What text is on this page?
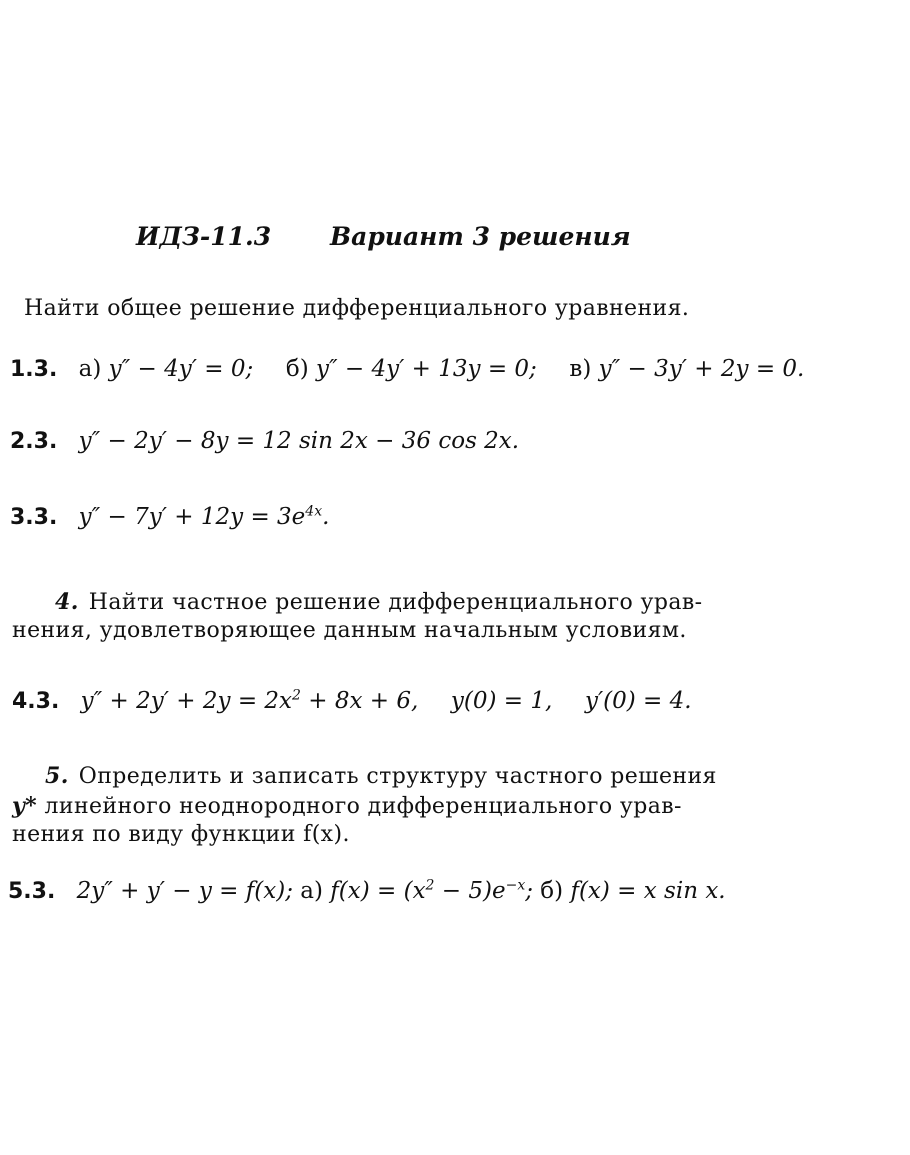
ИДЗ-11.3 Вариант 3 решения
Найти общее решение дифференциального уравнения.
1.3. а) y″ − 4y′ = 0; б) y″ − 4y′ + 13y = 0; в) y″ − 3y′ + 2y = 0.
2.3. y″ − 2y′ − 8y = 12 sin 2x − 36 cos 2x.
3.3. $y'' - 7y' + 12y = 3e^{4x}$.
4. Найти частное решение дифференциального урав-
нения, удовлетворяющее данным начальным условиям.
4.3. $y'' + 2y' + 2y = 2x^2 + 8x + 6$, y(0) = 1, y′(0) = 4.
5. Определить и записать структуру частного решения
y* линейного неоднородного дифференциального урав-
нения по виду функции f(x).
5.3. 2y″ + y′ − y = f(x); а) $f(x) = (x^2 - 5)e^{-x}$; б) f(x) = x sin x.
